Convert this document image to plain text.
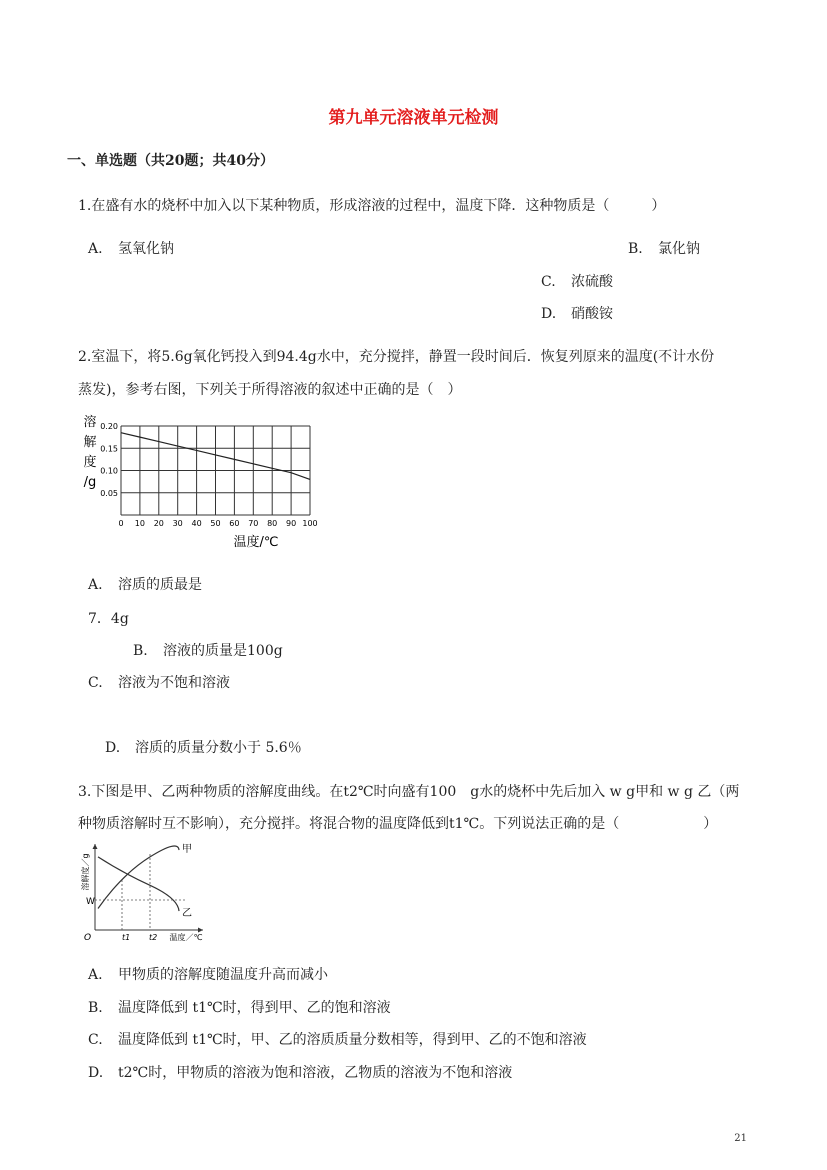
第九单元溶液单元检测
一、单选题（共20题；共40分）
1.在盛有水的烧杯中加入以下某种物质，形成溶液的过程中，温度下降．这种物质是（　　　）
A. 氢氧化钠	B. 氯化钠
C. 浓硫酸
D. 硝酸铵
2.室温下，将5.6g氧化钙投入到94.4g水中，充分搅拌，静置一段时间后．恢复列原来的温度(不计水份
蒸发)，参考右图，下列关于所得溶液的叙述中正确的是（　）
溶
解
度
/g
0.20
0.15
0.10
0.05
0 10 20 30 40 50 60 70 80 90 100
温度/℃
A. 溶质的质最是
7．4g
B. 溶液的质量是100g
C. 溶液为不饱和溶液
D. 溶质的质量分数小于 5.6％
3.下图是甲、乙两种物质的溶解度曲线。在t2℃时向盛有100　g水的烧杯中先后加入 w g甲和 w g 乙（两
种物质溶解时互不影响），充分搅拌。将混合物的温度降低到t1℃。下列说法正确的是（　　　　　　）
溶解度／g
W
O	t1 t2 温度／℃
甲
乙
A. 甲物质的溶解度随温度升高而减小
B. 温度降低到 t1℃时，得到甲、乙的饱和溶液
C. 温度降低到 t1℃时，甲、乙的溶质质量分数相等，得到甲、乙的不饱和溶液
D. t2℃时，甲物质的溶液为饱和溶液，乙物质的溶液为不饱和溶液
21
